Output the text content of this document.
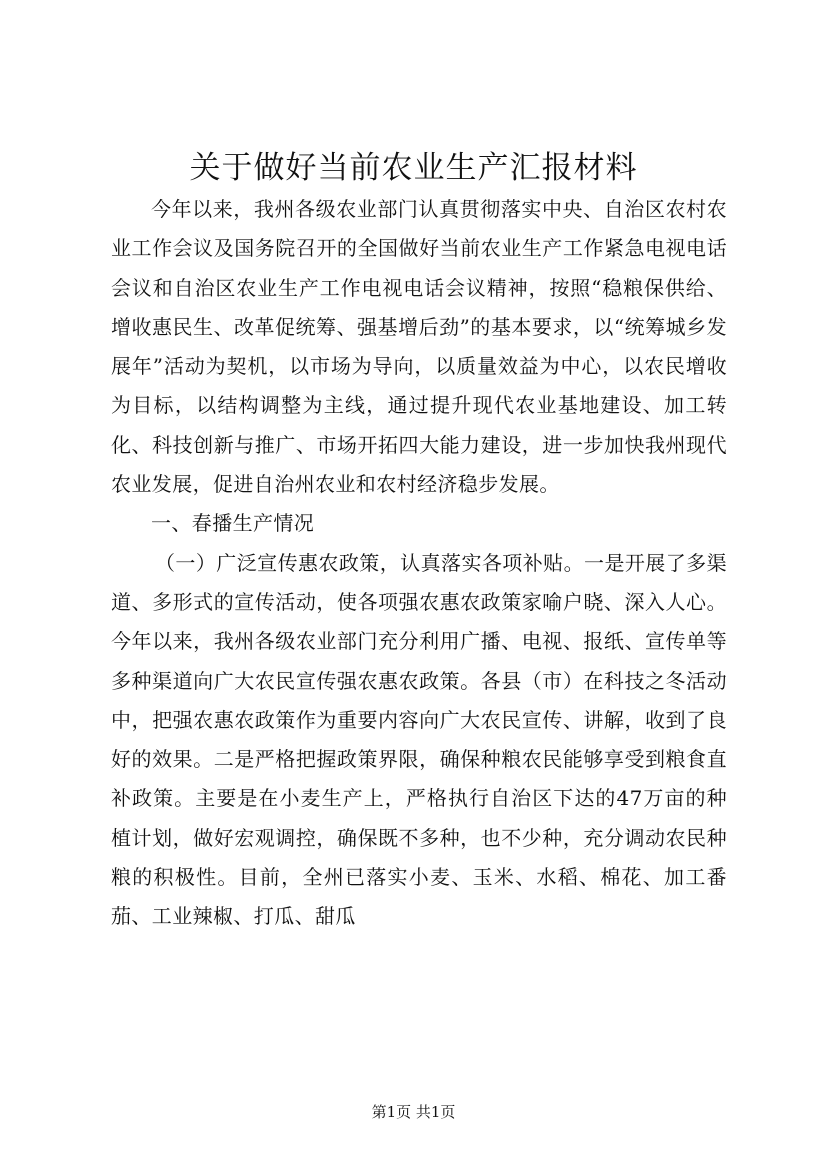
关于做好当前农业生产汇报材料

今年以来，我州各级农业部门认真贯彻落实中央、自治区农村农业工作会议及国务院召开的全国做好当前农业生产工作紧急电视电话会议和自治区农业生产工作电视电话会议精神，按照“稳粮保供给、增收惠民生、改革促统筹、强基增后劲”的基本要求，以“统筹城乡发展年”活动为契机，以市场为导向，以质量效益为中心，以农民增收为目标，以结构调整为主线，通过提升现代农业基地建设、加工转化、科技创新与推广、市场开拓四大能力建设，进一步加快我州现代农业发展，促进自治州农业和农村经济稳步发展。

一、春播生产情况

（一）广泛宣传惠农政策，认真落实各项补贴。一是开展了多渠道、多形式的宣传活动，使各项强农惠农政策家喻户晓、深入人心。今年以来，我州各级农业部门充分利用广播、电视、报纸、宣传单等多种渠道向广大农民宣传强农惠农政策。各县（市）在科技之冬活动中，把强农惠农政策作为重要内容向广大农民宣传、讲解，收到了良好的效果。二是严格把握政策界限，确保种粮农民能够享受到粮食直补政策。主要是在小麦生产上，严格执行自治区下达的47万亩的种植计划，做好宏观调控，确保既不多种，也不少种，充分调动农民种粮的积极性。目前，全州已落实小麦、玉米、水稻、棉花、加工番茄、工业辣椒、打瓜、甜瓜

第1页 共1页
